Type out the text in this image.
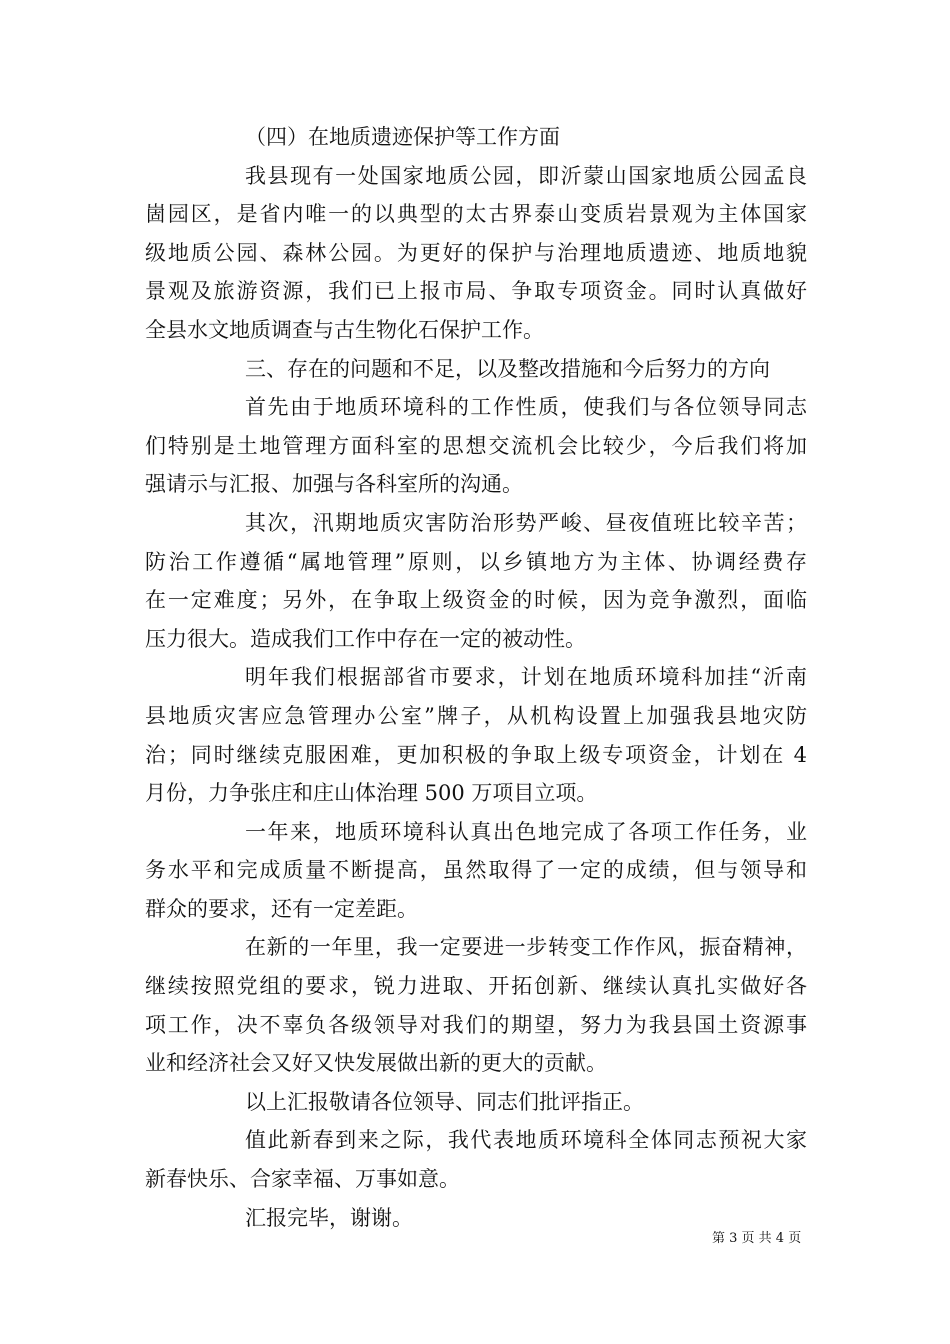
（四）在地质遗迹保护等工作方面
我县现有一处国家地质公园，即沂蒙山国家地质公园孟良
崮园区，是省内唯一的以典型的太古界泰山变质岩景观为主体国家
级地质公园、森林公园。为更好的保护与治理地质遗迹、地质地貌
景观及旅游资源，我们已上报市局、争取专项资金。同时认真做好
全县水文地质调查与古生物化石保护工作。
三、存在的问题和不足，以及整改措施和今后努力的方向
首先由于地质环境科的工作性质，使我们与各位领导同志
们特别是土地管理方面科室的思想交流机会比较少，今后我们将加
强请示与汇报、加强与各科室所的沟通。
其次，汛期地质灾害防治形势严峻、昼夜值班比较辛苦；
防治工作遵循“属地管理”原则，以乡镇地方为主体、协调经费存
在一定难度；另外，在争取上级资金的时候，因为竞争激烈，面临
压力很大。造成我们工作中存在一定的被动性。
明年我们根据部省市要求，计划在地质环境科加挂“沂南
县地质灾害应急管理办公室”牌子，从机构设置上加强我县地灾防
治；同时继续克服困难，更加积极的争取上级专项资金，计划在 4
月份，力争张庄和庄山体治理 500 万项目立项。
一年来，地质环境科认真出色地完成了各项工作任务，业
务水平和完成质量不断提高，虽然取得了一定的成绩，但与领导和
群众的要求，还有一定差距。
在新的一年里，我一定要进一步转变工作作风，振奋精神，
继续按照党组的要求，锐力进取、开拓创新、继续认真扎实做好各
项工作，决不辜负各级领导对我们的期望，努力为我县国土资源事
业和经济社会又好又快发展做出新的更大的贡献。
以上汇报敬请各位领导、同志们批评指正。
值此新春到来之际，我代表地质环境科全体同志预祝大家
新春快乐、合家幸福、万事如意。
汇报完毕，谢谢。
第 3 页 共 4 页
